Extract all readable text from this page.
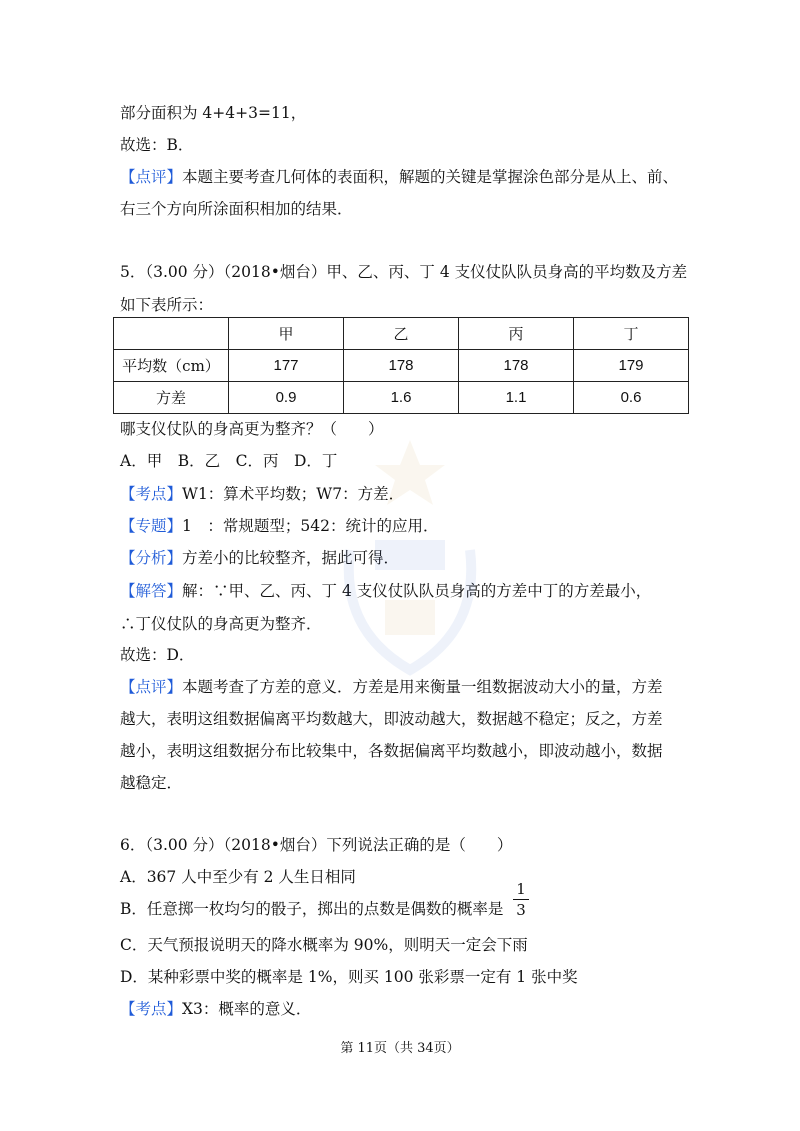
部分面积为 4+4+3=11，
故选：B．
【点评】本题主要考查几何体的表面积，解题的关键是掌握涂色部分是从上、前、
右三个方向所涂面积相加的结果．
5．（3.00 分）（2018•烟台）甲、乙、丙、丁 4 支仪仗队队员身高的平均数及方差
如下表所示：
	甲	乙	丙	丁
平均数（cm）	177	178	178	179
方差	0.9	1.6	1.1	0.6
哪支仪仗队的身高更为整齐？（　　）
A．甲　B．乙　C．丙　D．丁
【考点】W1：算术平均数；W7：方差．
【专题】1　：常规题型；542：统计的应用．
【分析】方差小的比较整齐，据此可得．
【解答】解：∵甲、乙、丙、丁 4 支仪仗队队员身高的方差中丁的方差最小，
∴丁仪仗队的身高更为整齐．
故选：D．
【点评】本题考查了方差的意义．方差是用来衡量一组数据波动大小的量，方差
越大，表明这组数据偏离平均数越大，即波动越大，数据越不稳定；反之，方差
越小，表明这组数据分布比较集中，各数据偏离平均数越小，即波动越小，数据
越稳定．
6．（3.00 分）（2018•烟台）下列说法正确的是（　　）
A．367 人中至少有 2 人生日相同
B．任意掷一枚均匀的骰子，掷出的点数是偶数的概率是
1
3
C．天气预报说明天的降水概率为 90%，则明天一定会下雨
D．某种彩票中奖的概率是 1%，则买 100 张彩票一定有 1 张中奖
【考点】X3：概率的意义．
第 11页（共 34页）
